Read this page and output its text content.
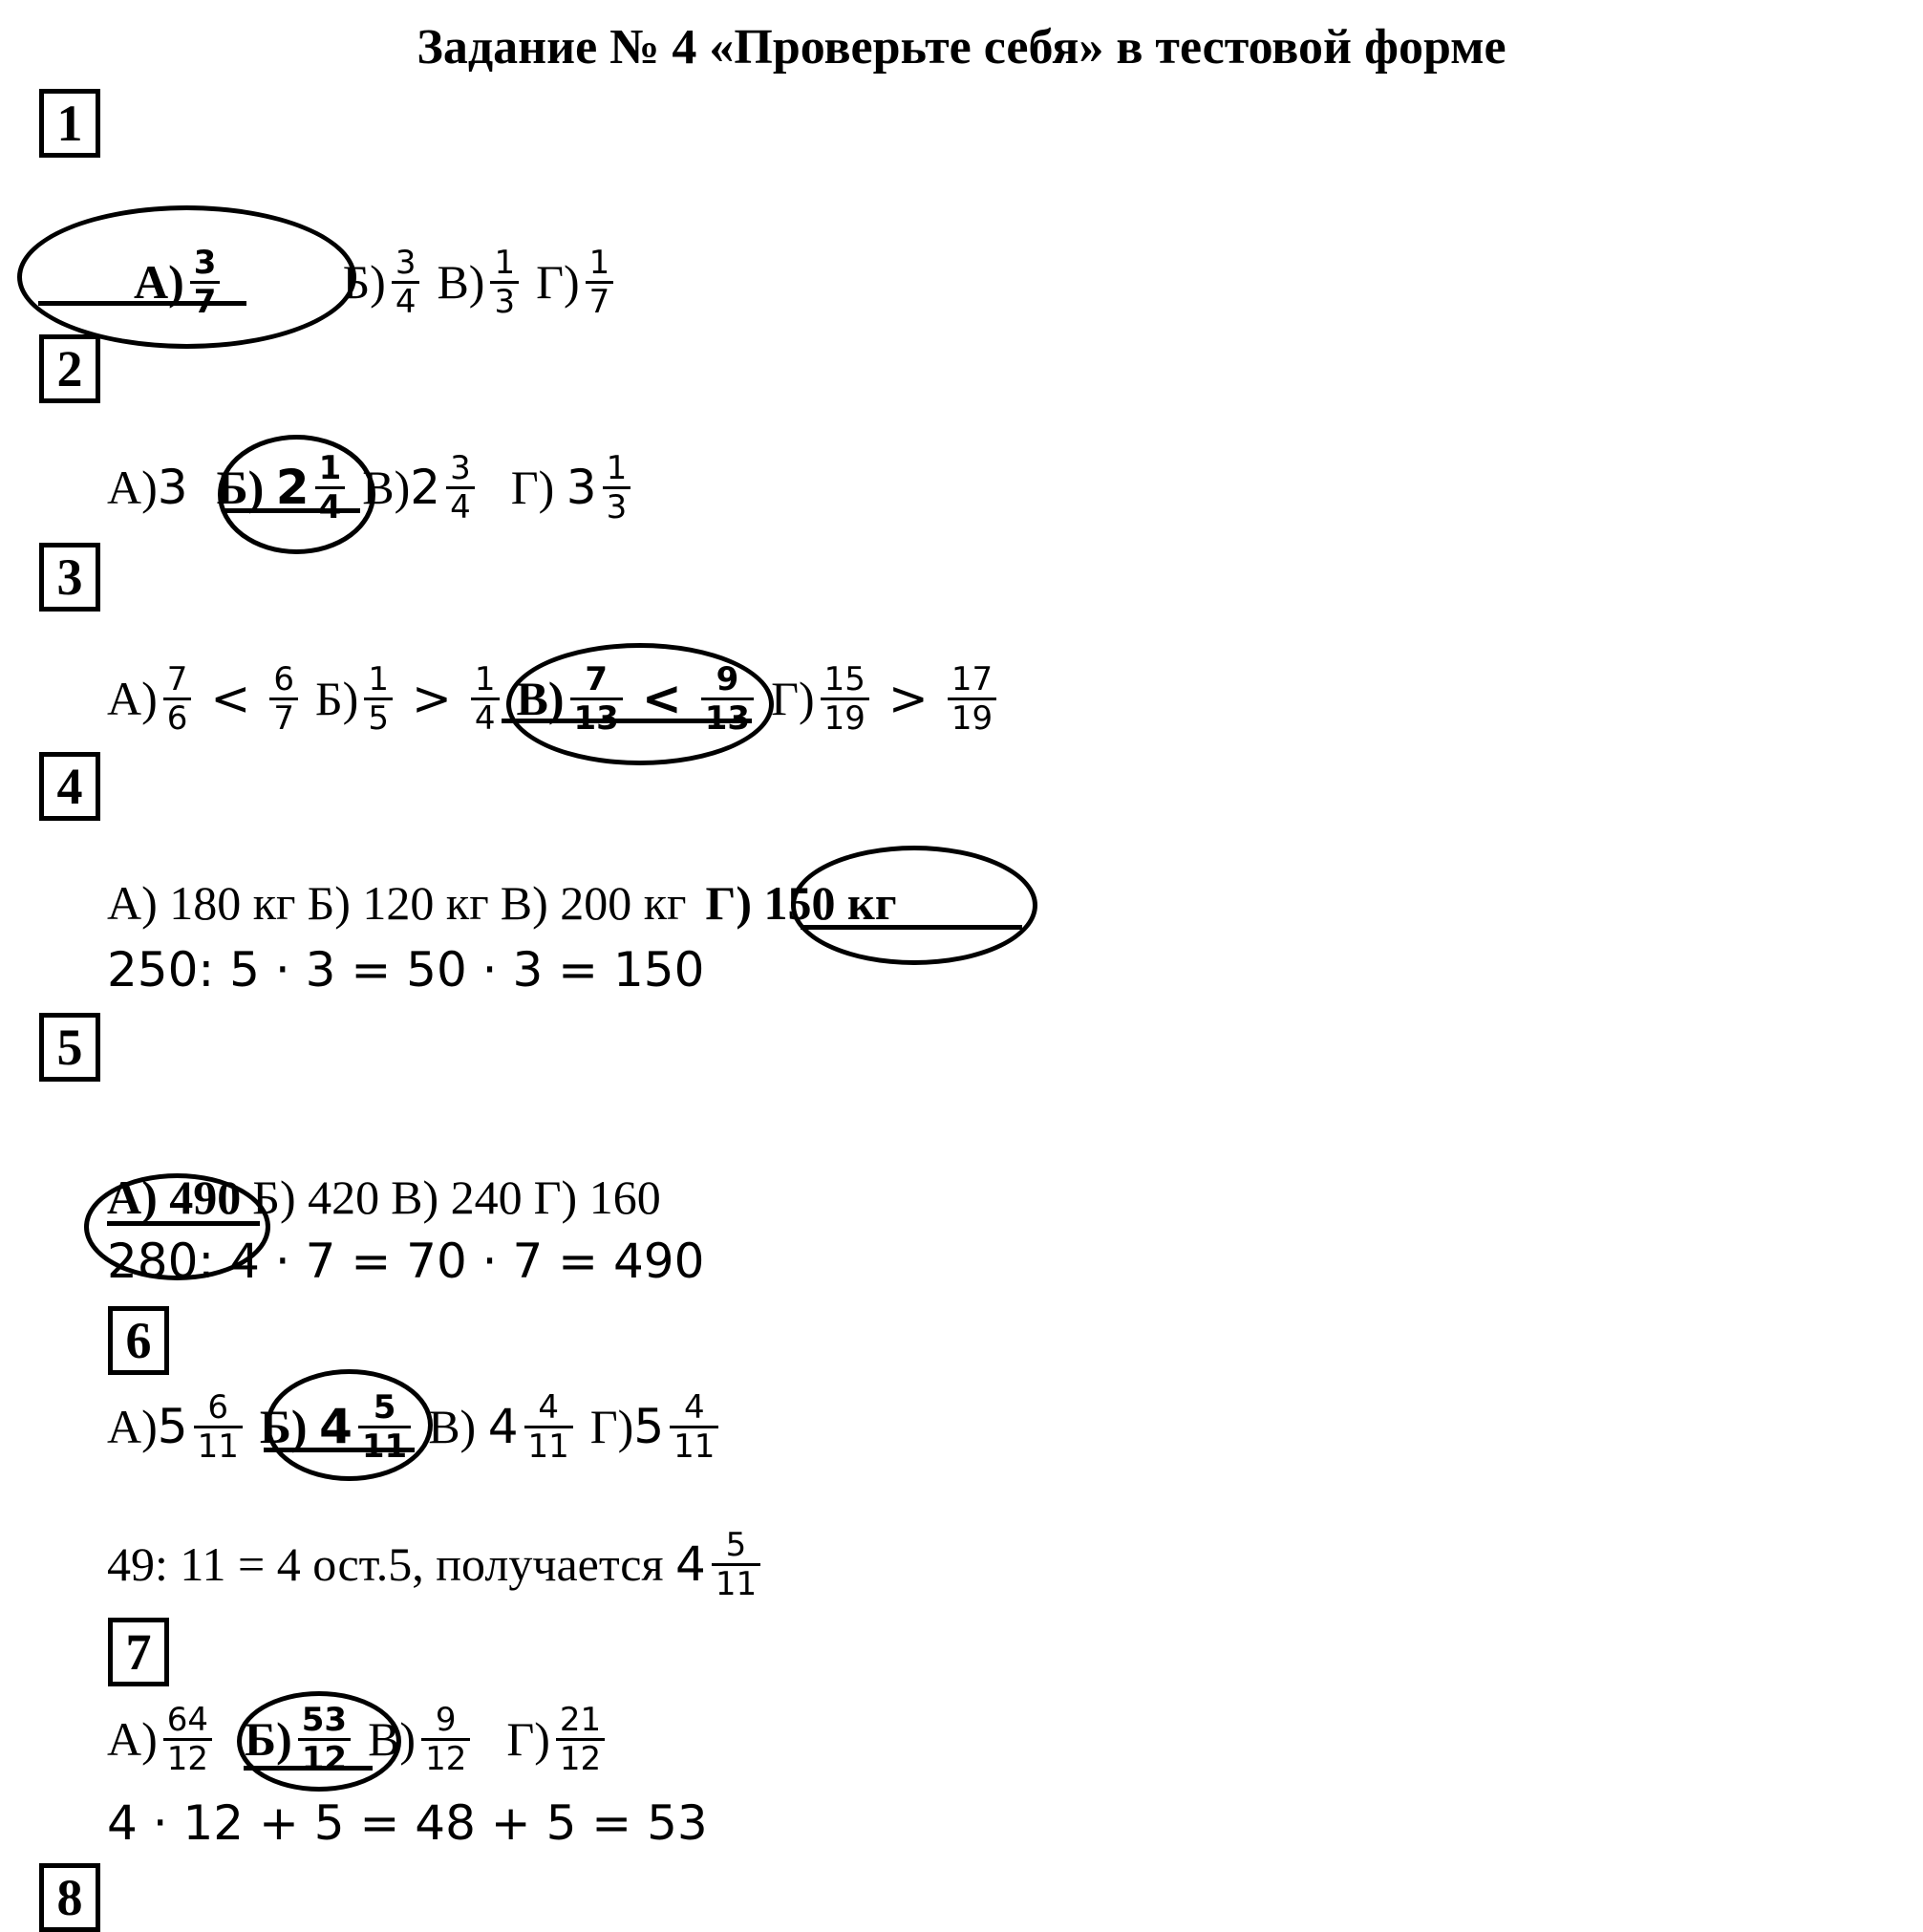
Задание № 4 «Проверьте себя» в тестовой форме
1
$А) \frac{3}{7}$	$Б) \frac{3}{4} В) \frac{1}{3} Г) \frac{1}{7}$
2
А) 3 Б)
$2 \frac{1}{4} В$) $2 \frac{3}{4} Г$)
$3 \frac{1}{3}$
3
$А) \frac{7}{6} < \frac{6}{7} Б) \frac{1}{5} > \frac{1}{4} В) \frac{7}{13} < \frac{9}{13} Г) \frac{15}{19} > \frac{17}{19}$
4
А) 180 кг Б) 120 кг В) 200 кг Г) 150 кг
250: 5 · 3 = 50 · 3 = 150
5
А) 490 Б) 420 В) 240 Г) 160
280: 4 · 7 = 70 · 7 = 490
6
А) $5 \frac{6}{11} Б$)
$4 \frac{5}{11} В$)
$4 \frac{4}{11} Г$) $5 \frac{4}{11}$
49: 11 = 4 ост.5, получается
$4 \frac{5}{11}$
7
$А) \frac{64}{12} Б) \frac{53}{12} В) \frac{9}{12} Г) \frac{21}{12}$
4 · 12 + 5 = 48 + 5 = 53
8
